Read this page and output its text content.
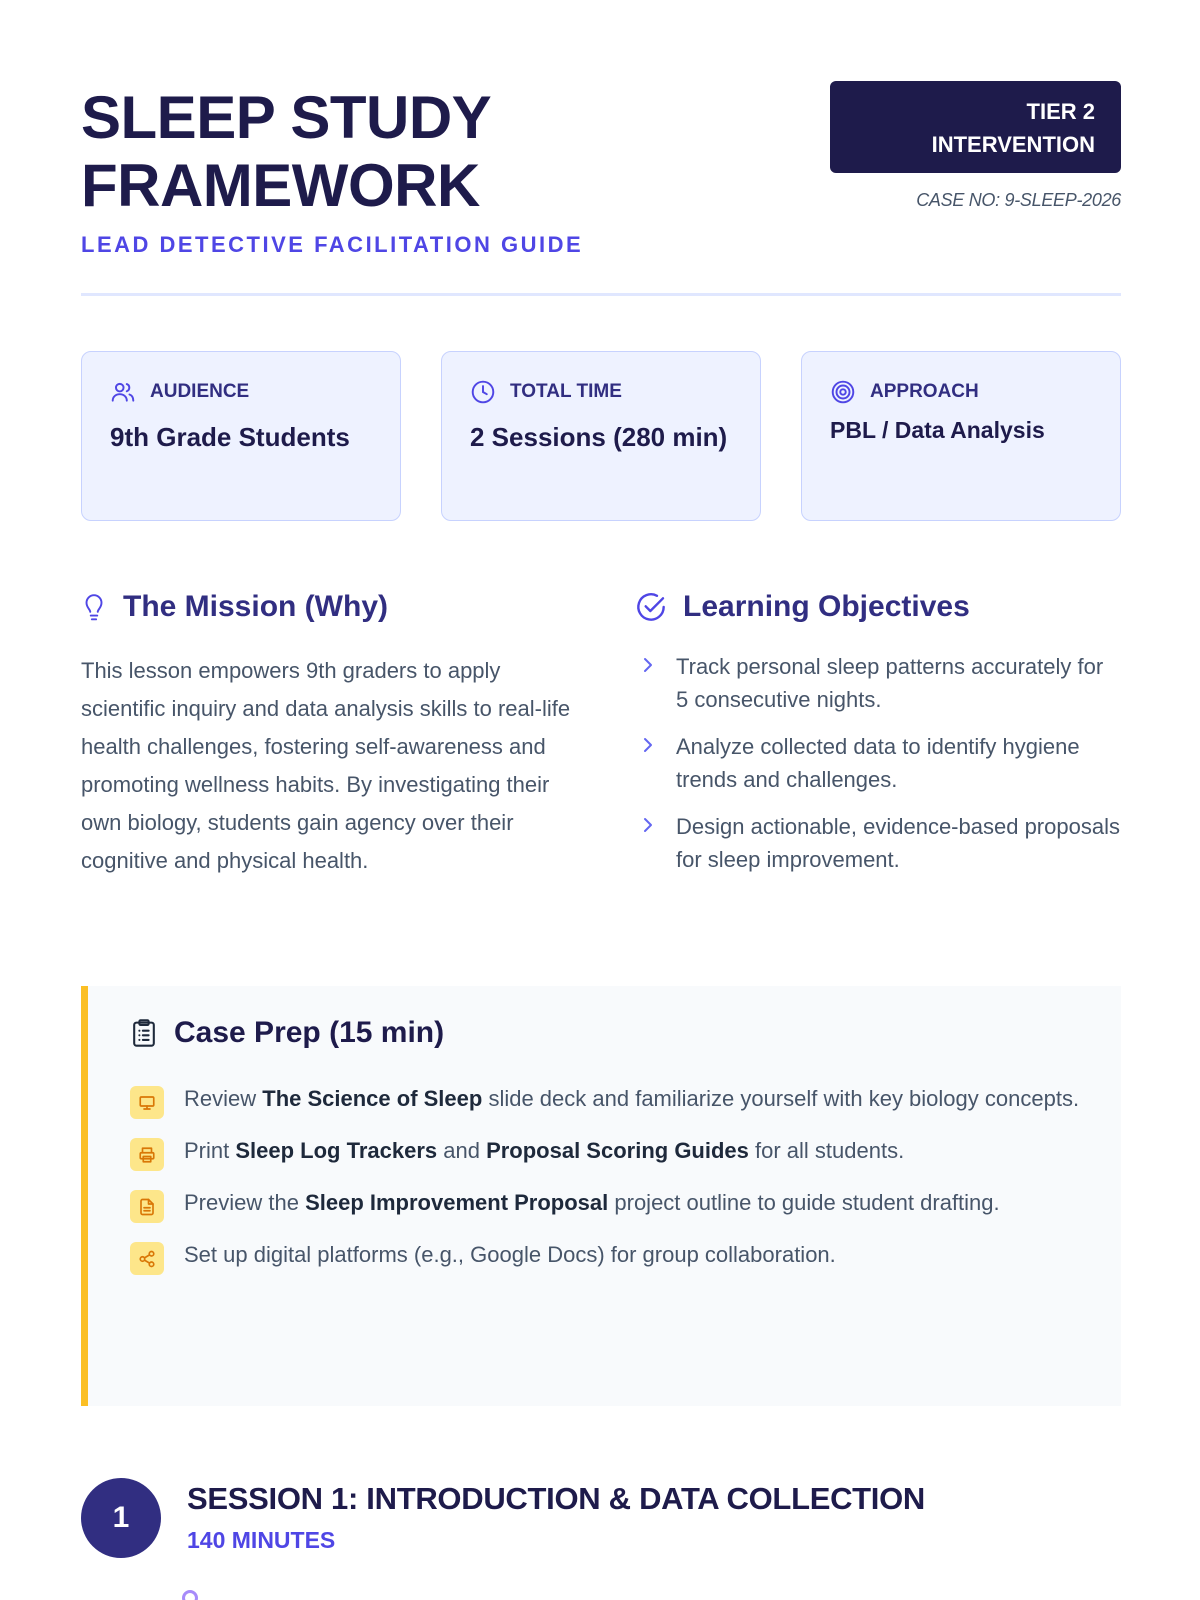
SLEEP STUDY FRAMEWORK
LEAD DETECTIVE FACILITATION GUIDE
TIER 2
INTERVENTION
CASE NO: 9-SLEEP-2026
AUDIENCE
9th Grade Students
TOTAL TIME
2 Sessions (280 min)
APPROACH
PBL / Data Analysis
The Mission (Why)

This lesson empowers 9th graders to apply scientific inquiry and data analysis skills to real-life health challenges, fostering self-awareness and promoting wellness habits. By investigating their own biology, students gain agency over their cognitive and physical health.

Learning Objectives
Track personal sleep patterns accurately for 5 consecutive nights.
Analyze collected data to identify hygiene trends and challenges.
Design actionable, evidence-based proposals for sleep improvement.
Case Prep (15 min)
Review The Science of Sleep slide deck and familiarize yourself with key biology concepts.
Print Sleep Log Trackers and Proposal Scoring Guides for all students.
Preview the Sleep Improvement Proposal project outline to guide student drafting.
Set up digital platforms (e.g., Google Docs) for group collaboration.
1
SESSION 1: INTRODUCTION & DATA COLLECTION
140 MINUTES
